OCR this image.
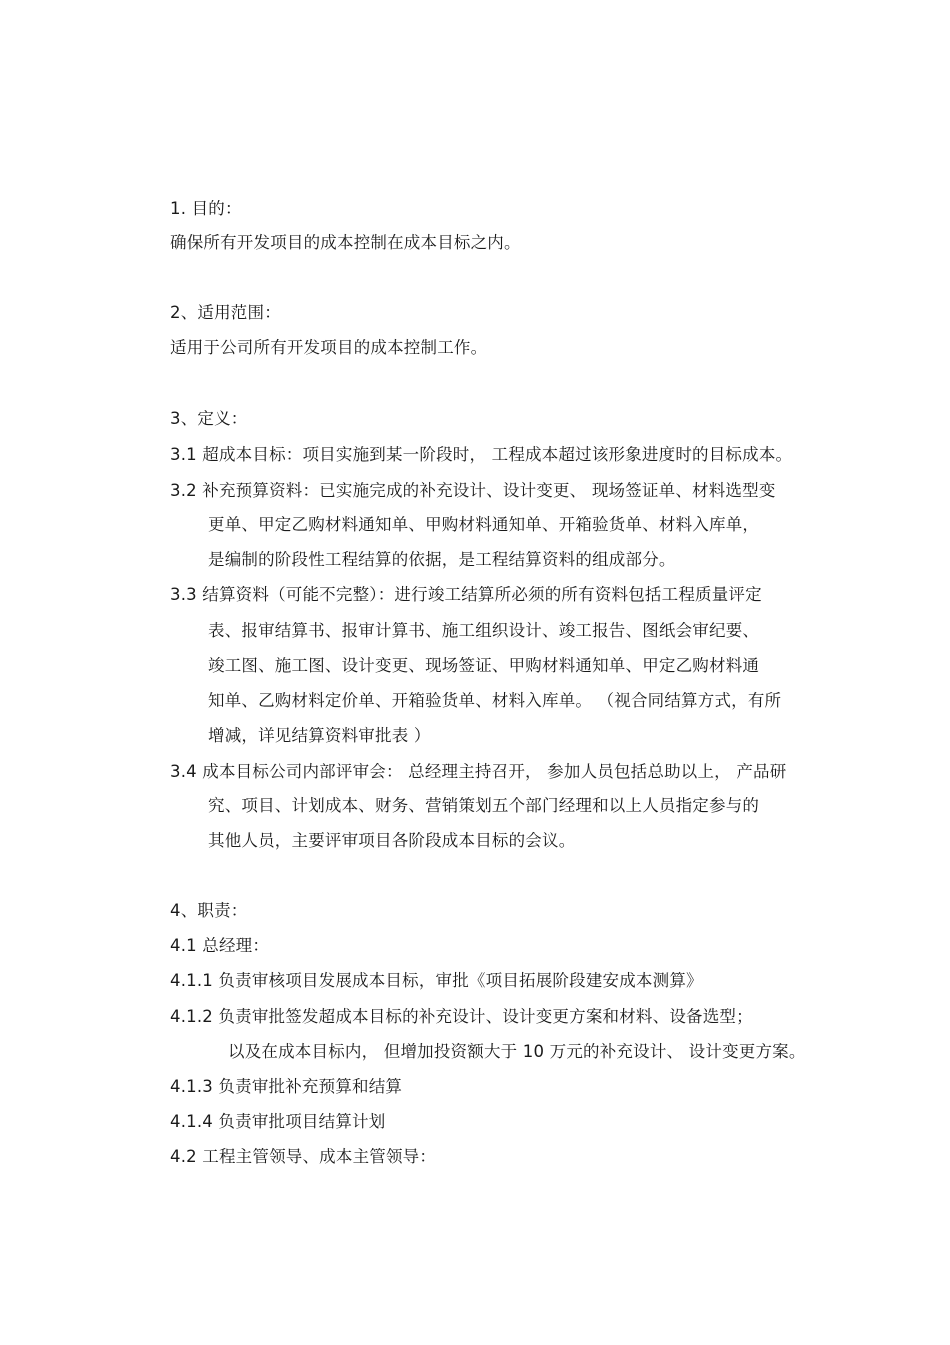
1. 目的：
确保所有开发项目的成本控制在成本目标之内。
2、适用范围：
适用于公司所有开发项目的成本控制工作。
3、定义：
3.1 超成本目标：项目实施到某一阶段时， 工程成本超过该形象进度时的目标成本。
3.2 补充预算资料：已实施完成的补充设计、设计变更、 现场签证单、材料选型变
更单、甲定乙购材料通知单、甲购材料通知单、开箱验货单、材料入库单，
是编制的阶段性工程结算的依据，是工程结算资料的组成部分。
3.3 结算资料（可能不完整）：进行竣工结算所必须的所有资料包括工程质量评定
表、报审结算书、报审计算书、施工组织设计、竣工报告、图纸会审纪要、
竣工图、施工图、设计变更、现场签证、甲购材料通知单、甲定乙购材料通
知单、乙购材料定价单、开箱验货单、材料入库单。 （视合同结算方式，有所
增减，详见结算资料审批表 ）
3.4 成本目标公司内部评审会： 总经理主持召开， 参加人员包括总助以上， 产品研
究、项目、计划成本、财务、营销策划五个部门经理和以上人员指定参与的
其他人员，主要评审项目各阶段成本目标的会议。
4、职责：
4.1 总经理：
4.1.1 负责审核项目发展成本目标，审批《项目拓展阶段建安成本测算》
4.1.2 负责审批签发超成本目标的补充设计、设计变更方案和材料、设备选型；
以及在成本目标内， 但增加投资额大于 10 万元的补充设计、 设计变更方案。
4.1.3 负责审批补充预算和结算
4.1.4 负责审批项目结算计划
4.2 工程主管领导、成本主管领导：
